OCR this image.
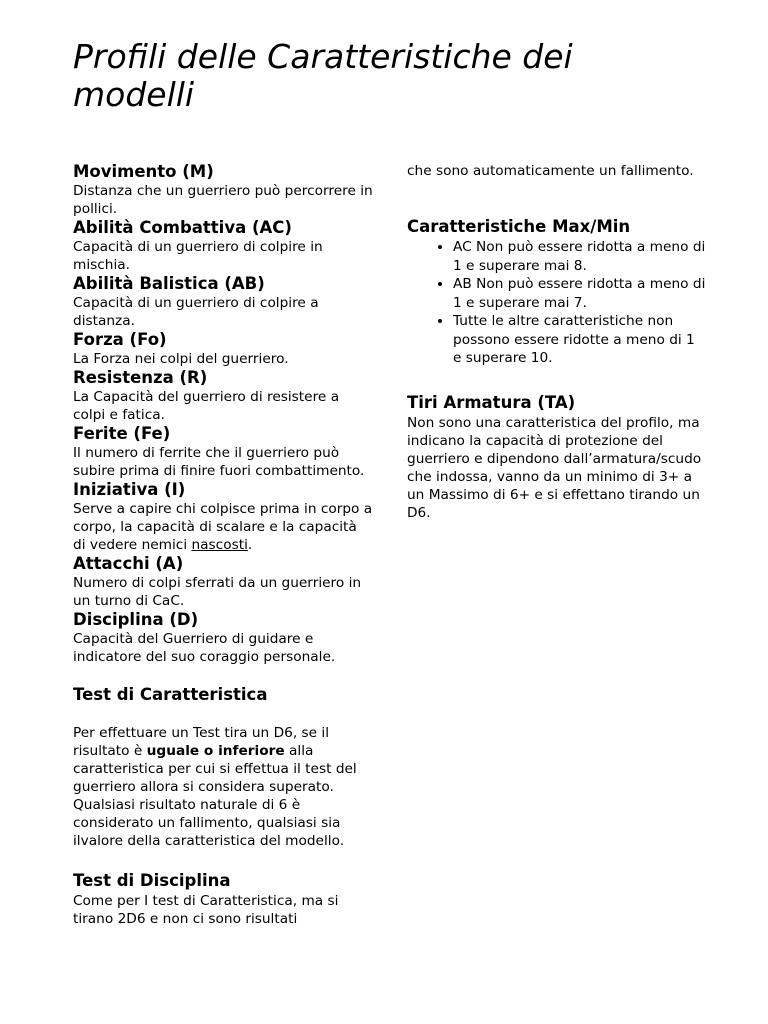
Profili delle Caratteristiche dei
modelli

Movimento (M)

Distanza che un guerriero può percorrere in pollici.

Abilità Combattiva (AC)

Capacità di un guerriero di colpire in mischia.

Abilità Balistica (AB)

Capacità di un guerriero di colpire a distanza.

Forza (Fo)

La Forza nei colpi del guerriero.

Resistenza (R)

La Capacità del guerriero di resistere a colpi e fatica.

Ferite (Fe)

Il numero di ferrite che il guerriero può subire prima di finire fuori combattimento.

Iniziativa (I)

Serve a capire chi colpisce prima in corpo a corpo, la capacità di scalare e la capacità di vedere nemici nascosti.

Attacchi (A)

Numero di colpi sferrati da un guerriero in un turno di CaC.

Disciplina (D)

Capacità del Guerriero di guidare e indicatore del suo coraggio personale.

Test di Caratteristica

Per effettuare un Test tira un D6, se il risultato è uguale o inferiore alla caratteristica per cui si effettua il test del guerriero allora si considera superato.

Qualsiasi risultato naturale di 6 è considerato un fallimento, qualsiasi sia ilvalore della caratteristica del modello.

Test di Disciplina

Come per I test di Caratteristica, ma si tirano 2D6 e non ci sono risultati

che sono automaticamente un fallimento.

Caratteristiche Max/Min

• AC Non può essere ridotta a meno di 1 e superare mai 8.
• AB Non può essere ridotta a meno di 1 e superare mai 7.
• Tutte le altre caratteristiche non possono essere ridotte a meno di 1 e superare 10.

Tiri Armatura (TA)

Non sono una caratteristica del profilo, ma indicano la capacità di protezione del guerriero e dipendono dall’armatura/scudo che indossa, vanno da un minimo di 3+ a un Massimo di 6+ e si effettano tirando un D6.
